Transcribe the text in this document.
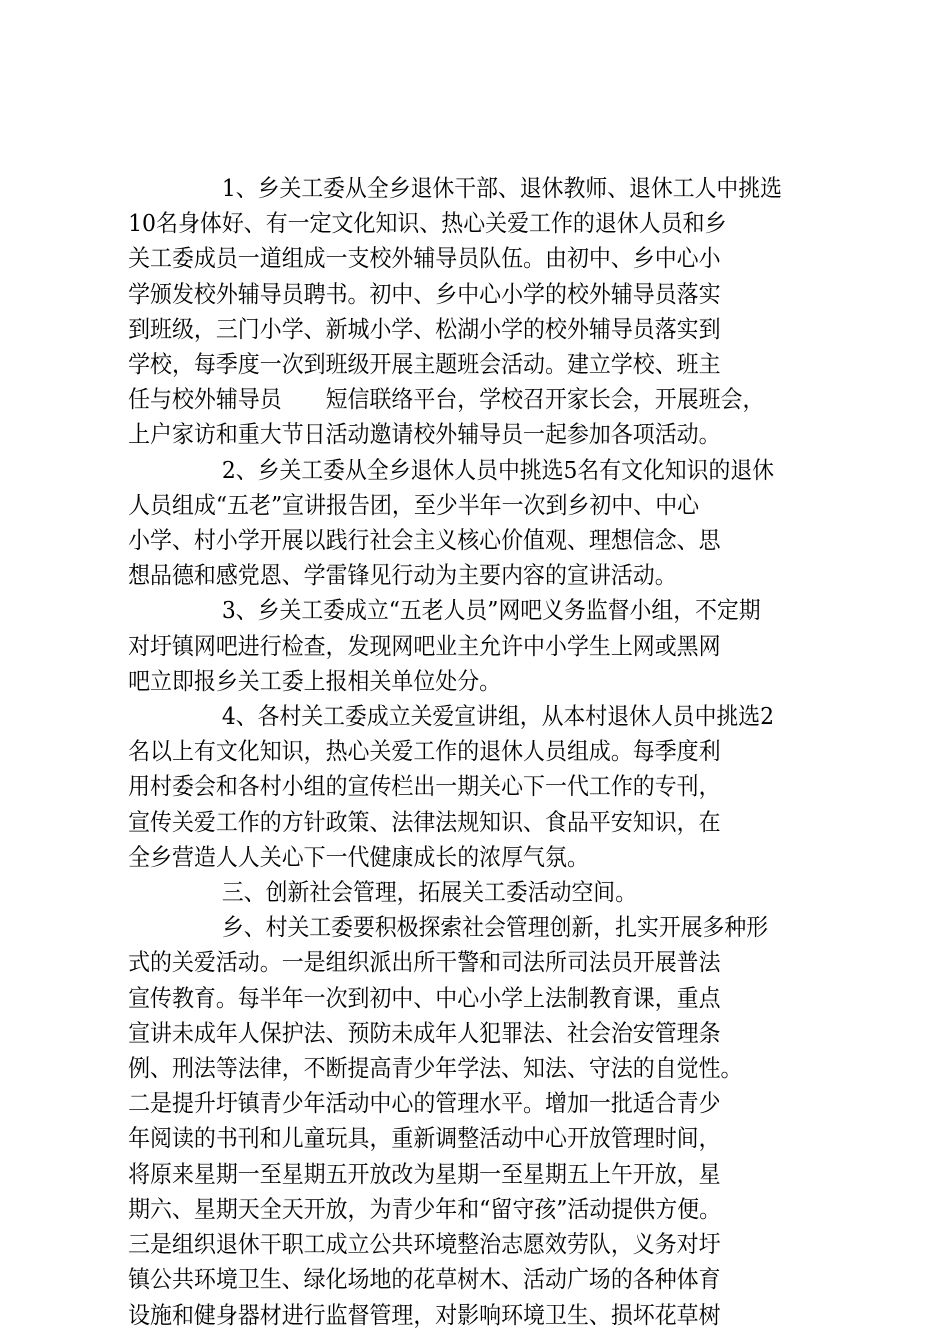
1、乡关工委从全乡退休干部、退休教师、退休工人中挑选
10名身体好、有一定文化知识、热心关爱工作的退休人员和乡
关工委成员一道组成一支校外辅导员队伍。由初中、乡中心小
学颁发校外辅导员聘书。初中、乡中心小学的校外辅导员落实
到班级，三门小学、新城小学、松湖小学的校外辅导员落实到
学校，每季度一次到班级开展主题班会活动。建立学校、班主
任与校外辅导员　　短信联络平台，学校召开家长会，开展班会，
上户家访和重大节日活动邀请校外辅导员一起参加各项活动。

2、乡关工委从全乡退休人员中挑选5名有文化知识的退休
人员组成“五老”宣讲报告团，至少半年一次到乡初中、中心
小学、村小学开展以践行社会主义核心价值观、理想信念、思
想品德和感党恩、学雷锋见行动为主要内容的宣讲活动。

3、乡关工委成立“五老人员”网吧义务监督小组，不定期
对圩镇网吧进行检查，发现网吧业主允许中小学生上网或黑网
吧立即报乡关工委上报相关单位处分。

4、各村关工委成立关爱宣讲组，从本村退休人员中挑选2
名以上有文化知识，热心关爱工作的退休人员组成。每季度利
用村委会和各村小组的宣传栏出一期关心下一代工作的专刊，
宣传关爱工作的方针政策、法律法规知识、食品平安知识，在
全乡营造人人关心下一代健康成长的浓厚气氛。

三、创新社会管理，拓展关工委活动空间。

乡、村关工委要积极探索社会管理创新，扎实开展多种形
式的关爱活动。一是组织派出所干警和司法所司法员开展普法
宣传教育。每半年一次到初中、中心小学上法制教育课，重点
宣讲未成年人保护法、预防未成年人犯罪法、社会治安管理条
例、刑法等法律，不断提高青少年学法、知法、守法的自觉性。
二是提升圩镇青少年活动中心的管理水平。增加一批适合青少
年阅读的书刊和儿童玩具，重新调整活动中心开放管理时间，
将原来星期一至星期五开放改为星期一至星期五上午开放，星
期六、星期天全天开放，为青少年和“留守孩”活动提供方便。
三是组织退休干职工成立公共环境整治志愿效劳队，义务对圩
镇公共环境卫生、绿化场地的花草树木、活动广场的各种体育
设施和健身器材进行监督管理，对影响环境卫生、损坏花草树
